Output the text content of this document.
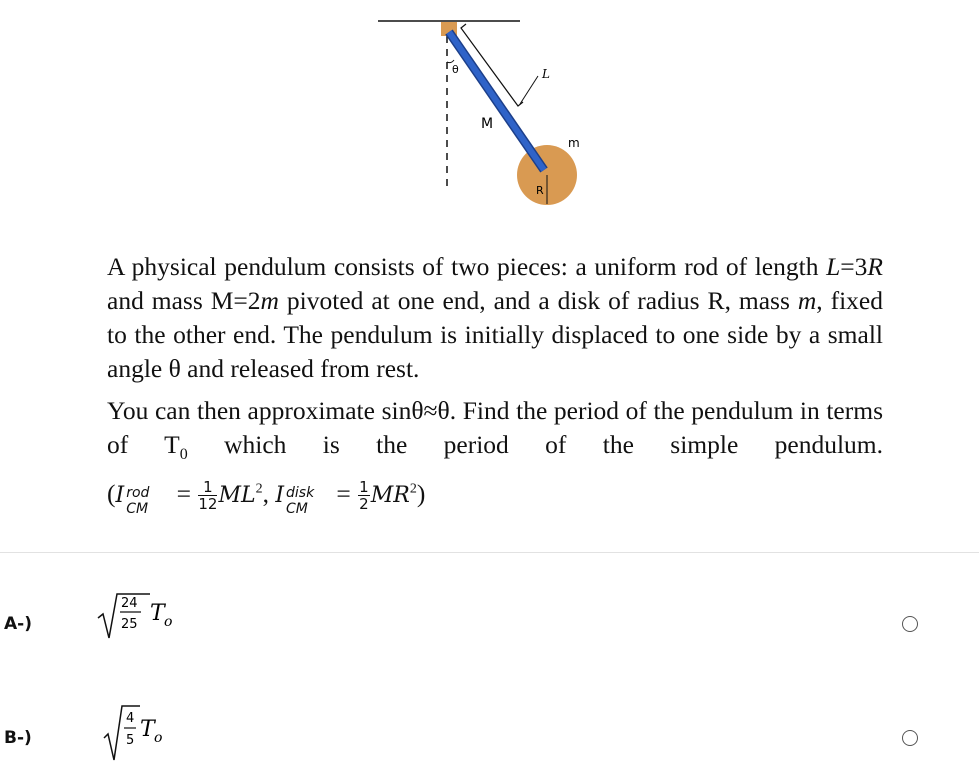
θ	L
M
m
R

A physical pendulum consists of two pieces: a uniform rod of length L=3R and mass M=2m pivoted at one end, and a disk of radius R, mass m, fixed to the other end. The pendulum is initially displaced to one side by a small angle θ and released from rest.

You can then approximate sinθ≈θ. Find the period of the pendulum in terms of $T_0$ which is the period of the simple pendulum.(I rod
CM
= $\frac{1}{12} ML^2$, I disk
CM
= $\frac{1}{2} MR^2$)

A-)
24
25 T o
B-)
4
5 T o
